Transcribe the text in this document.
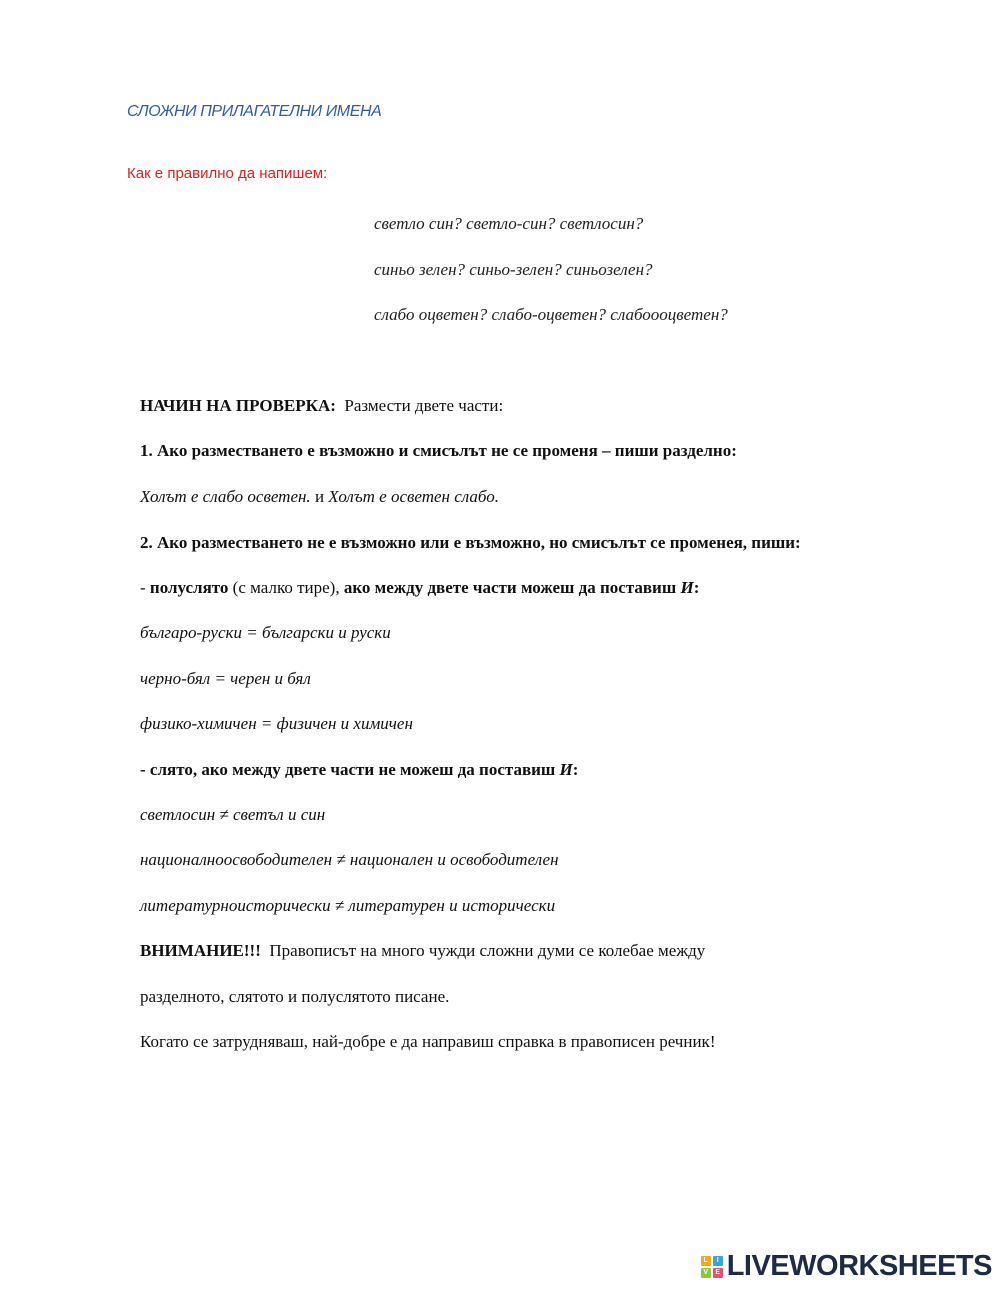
СЛОЖНИ ПРИЛАГАТЕЛНИ ИМЕНА
Как е правилно да напишем:
светло син? светло-син? светлосин?
синьо зелен? синьо-зелен? синьозелен?
слабо оцветен? слабо-оцветен? слабооoцветен?
НАЧИН НА ПРОВЕРКА: Размести двете части:
1. Ако разместването е възможно и смисълът не се променя – пиши разделно:
Холът е слабо осветен. и Холът е осветен слабо.
2. Ако разместването не е възможно или е възможно, но смисълът се променея, пиши:
- полуслято (с малко тире), ако между двете части можеш да поставиш И:
българо-руски = български и руски
черно-бял = черен и бял
физико-химичен = физичен и химичен
- слято, ако между двете части не можеш да поставиш И:
светлосин ≠ светъл и син
националноосвободителен ≠ национален и освободителен
литературноисторически ≠ литературен и исторически
ВНИМАНИЕ!!! Правописът на много чужди сложни думи се колебае между
разделното, слятото и полуслятото писане.
Когато се затрудняваш, най-добре е да направиш справка в правописен речник!
L	I
V	E LIVEWORKSHEETS
